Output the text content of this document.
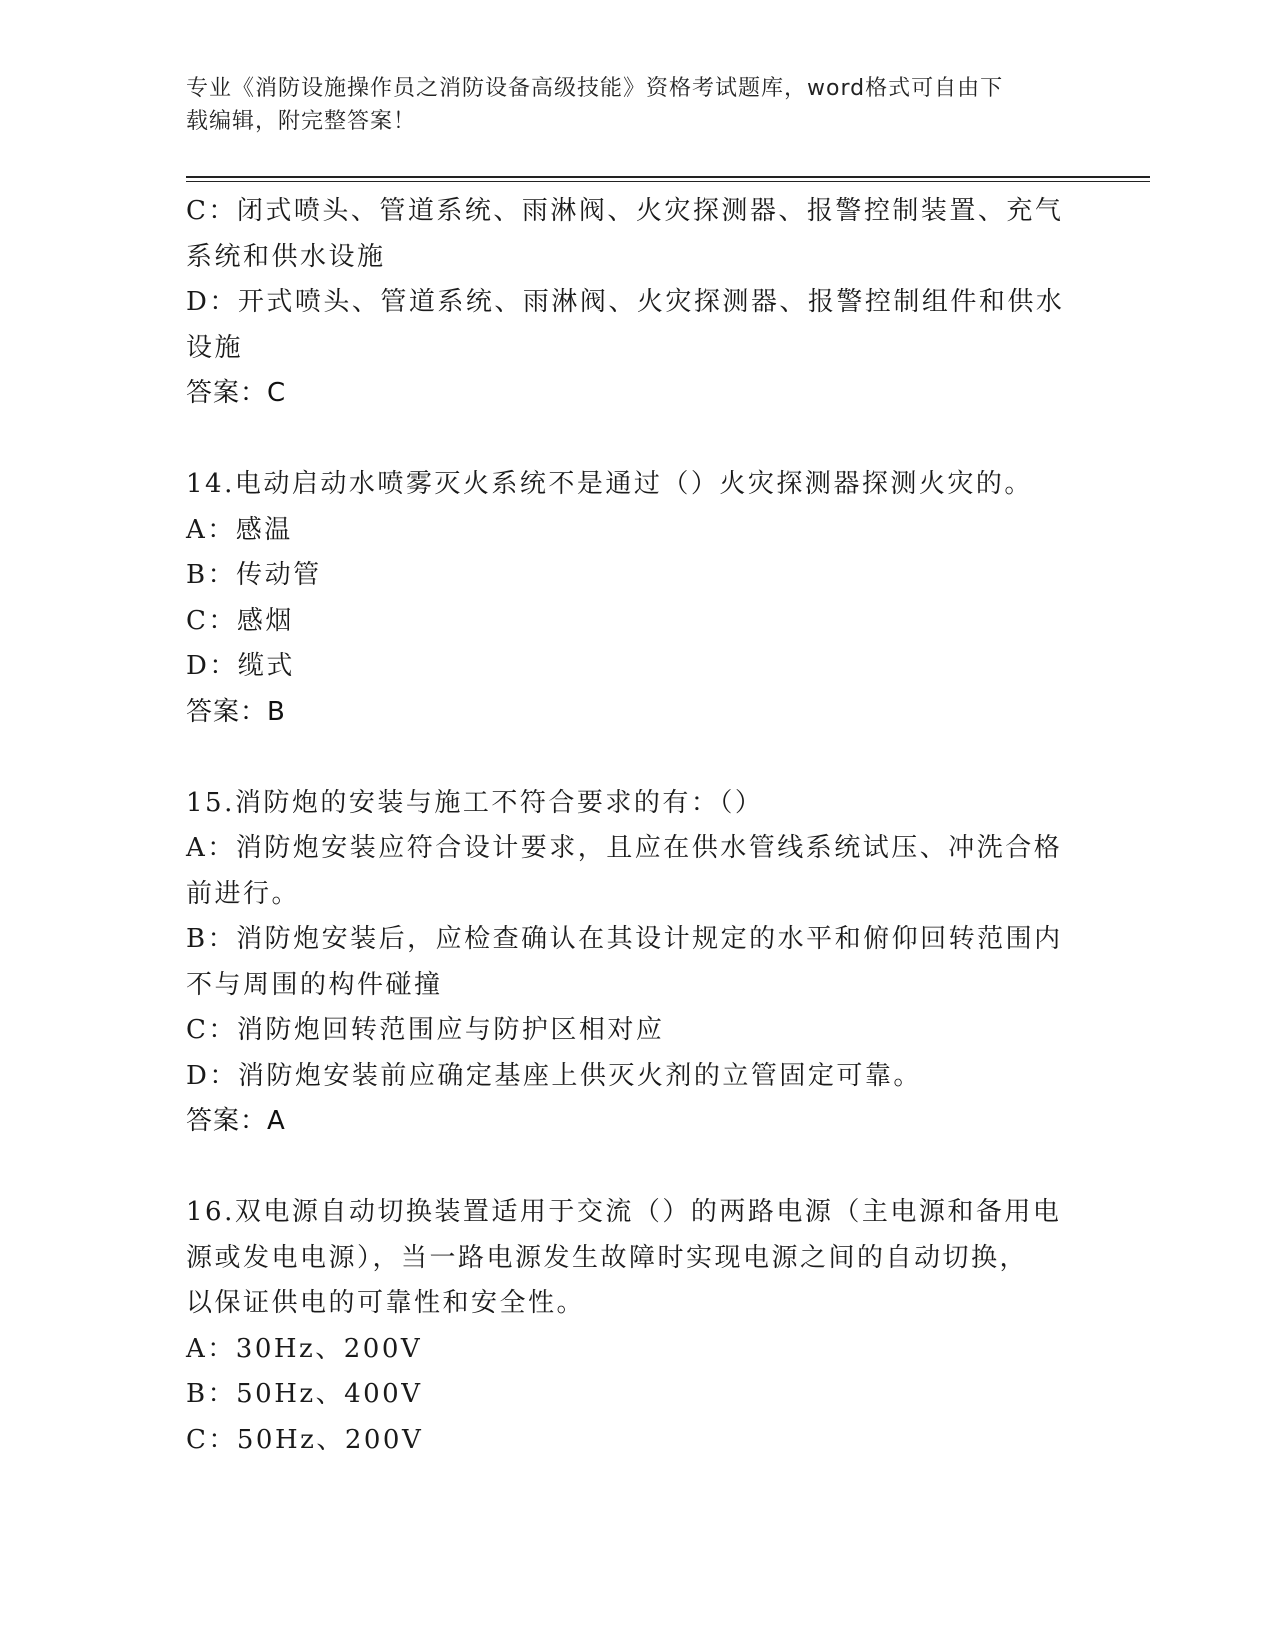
专业《消防设施操作员之消防设备高级技能》资格考试题库，word格式可自由下
载编辑，附完整答案！
C：闭式喷头、管道系统、雨淋阀、火灾探测器、报警控制装置、充气
系统和供水设施
D：开式喷头、管道系统、雨淋阀、火灾探测器、报警控制组件和供水
设施
答案：C
14.电动启动水喷雾灭火系统不是通过（）火灾探测器探测火灾的。
A：感温
B：传动管
C：感烟
D：缆式
答案：B
15.消防炮的安装与施工不符合要求的有：（）
A：消防炮安装应符合设计要求，且应在供水管线系统试压、冲洗合格
前进行。
B：消防炮安装后，应检查确认在其设计规定的水平和俯仰回转范围内
不与周围的构件碰撞
C：消防炮回转范围应与防护区相对应
D：消防炮安装前应确定基座上供灭火剂的立管固定可靠。
答案：A
16.双电源自动切换装置适用于交流（）的两路电源（主电源和备用电
源或发电电源），当一路电源发生故障时实现电源之间的自动切换，
以保证供电的可靠性和安全性。
A：30Hz、200V
B：50Hz、400V
C：50Hz、200V
